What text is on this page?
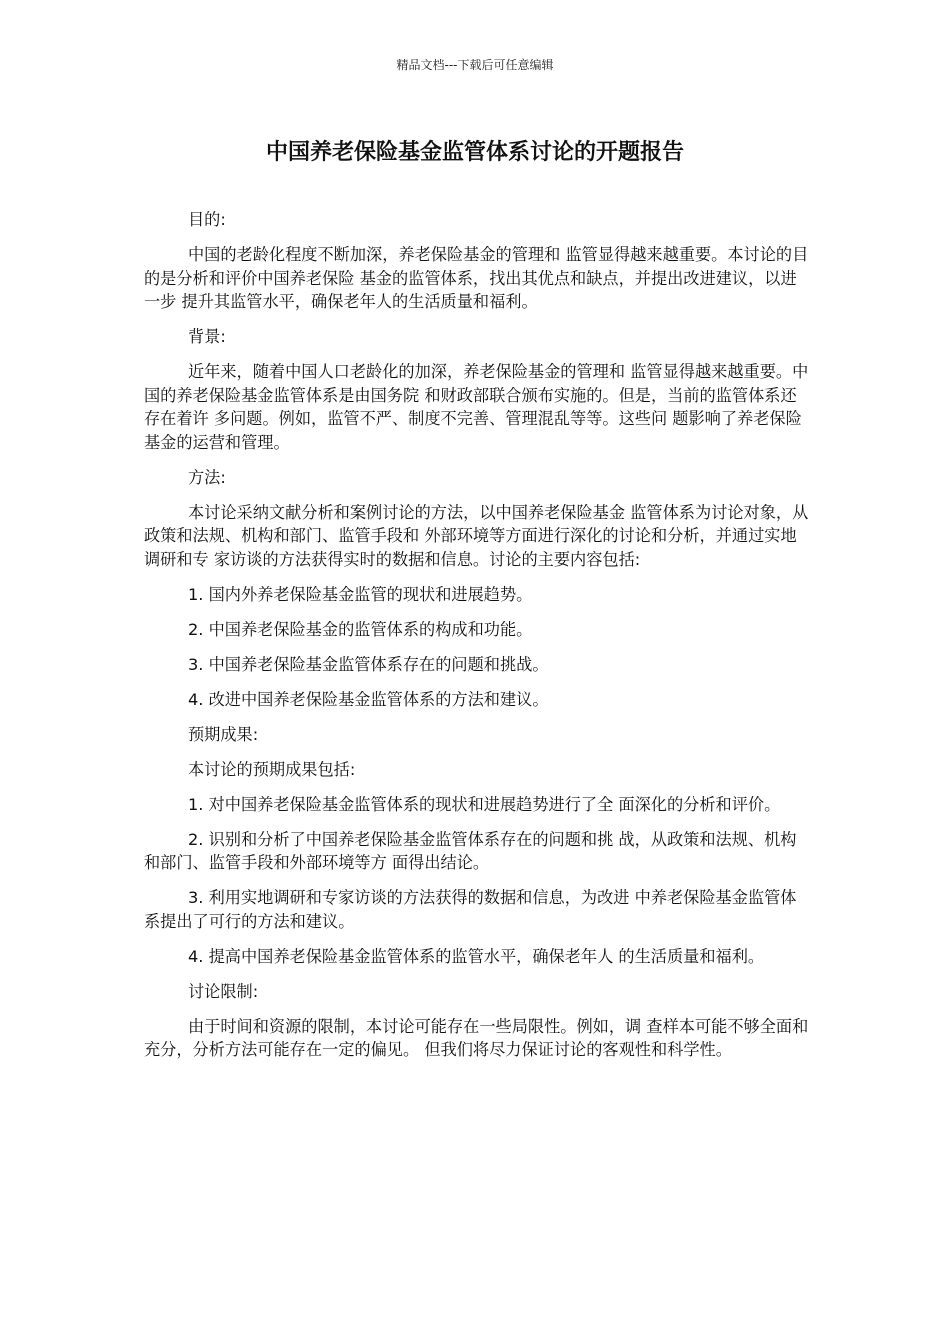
精品文档---下载后可任意编辑
中国养老保险基金监管体系讨论的开题报告

目的:

中国的老龄化程度不断加深，养老保险基金的管理和 监管显得越来越重要。本讨论的目的是分析和评价中国养老保险 基金的监管体系，找出其优点和缺点，并提出改进建议，以进一步 提升其监管水平，确保老年人的生活质量和福利。

背景:

近年来，随着中国人口老龄化的加深，养老保险基金的管理和 监管显得越来越重要。中国的养老保险基金监管体系是由国务院 和财政部联合颁布实施的。但是，当前的监管体系还存在着许 多问题。例如，监管不严、制度不完善、管理混乱等等。这些问 题影响了养老保险基金的运营和管理。

方法:

本讨论采纳文献分析和案例讨论的方法，以中国养老保险基金 监管体系为讨论对象，从政策和法规、机构和部门、监管手段和 外部环境等方面进行深化的讨论和分析，并通过实地调研和专 家访谈的方法获得实时的数据和信息。讨论的主要内容包括:

1. 国内外养老保险基金监管的现状和进展趋势。

2. 中国养老保险基金的监管体系的构成和功能。

3. 中国养老保险基金监管体系存在的问题和挑战。

4. 改进中国养老保险基金监管体系的方法和建议。

预期成果:

本讨论的预期成果包括:

1. 对中国养老保险基金监管体系的现状和进展趋势进行了全 面深化的分析和评价。

2. 识别和分析了中国养老保险基金监管体系存在的问题和挑 战，从政策和法规、机构和部门、监管手段和外部环境等方 面得出结论。

3. 利用实地调研和专家访谈的方法获得的数据和信息，为改进 中养老保险基金监管体系提出了可行的方法和建议。

4. 提高中国养老保险基金监管体系的监管水平，确保老年人 的生活质量和福利。

讨论限制:

由于时间和资源的限制，本讨论可能存在一些局限性。例如，调 查样本可能不够全面和充分，分析方法可能存在一定的偏见。 但我们将尽力保证讨论的客观性和科学性。
